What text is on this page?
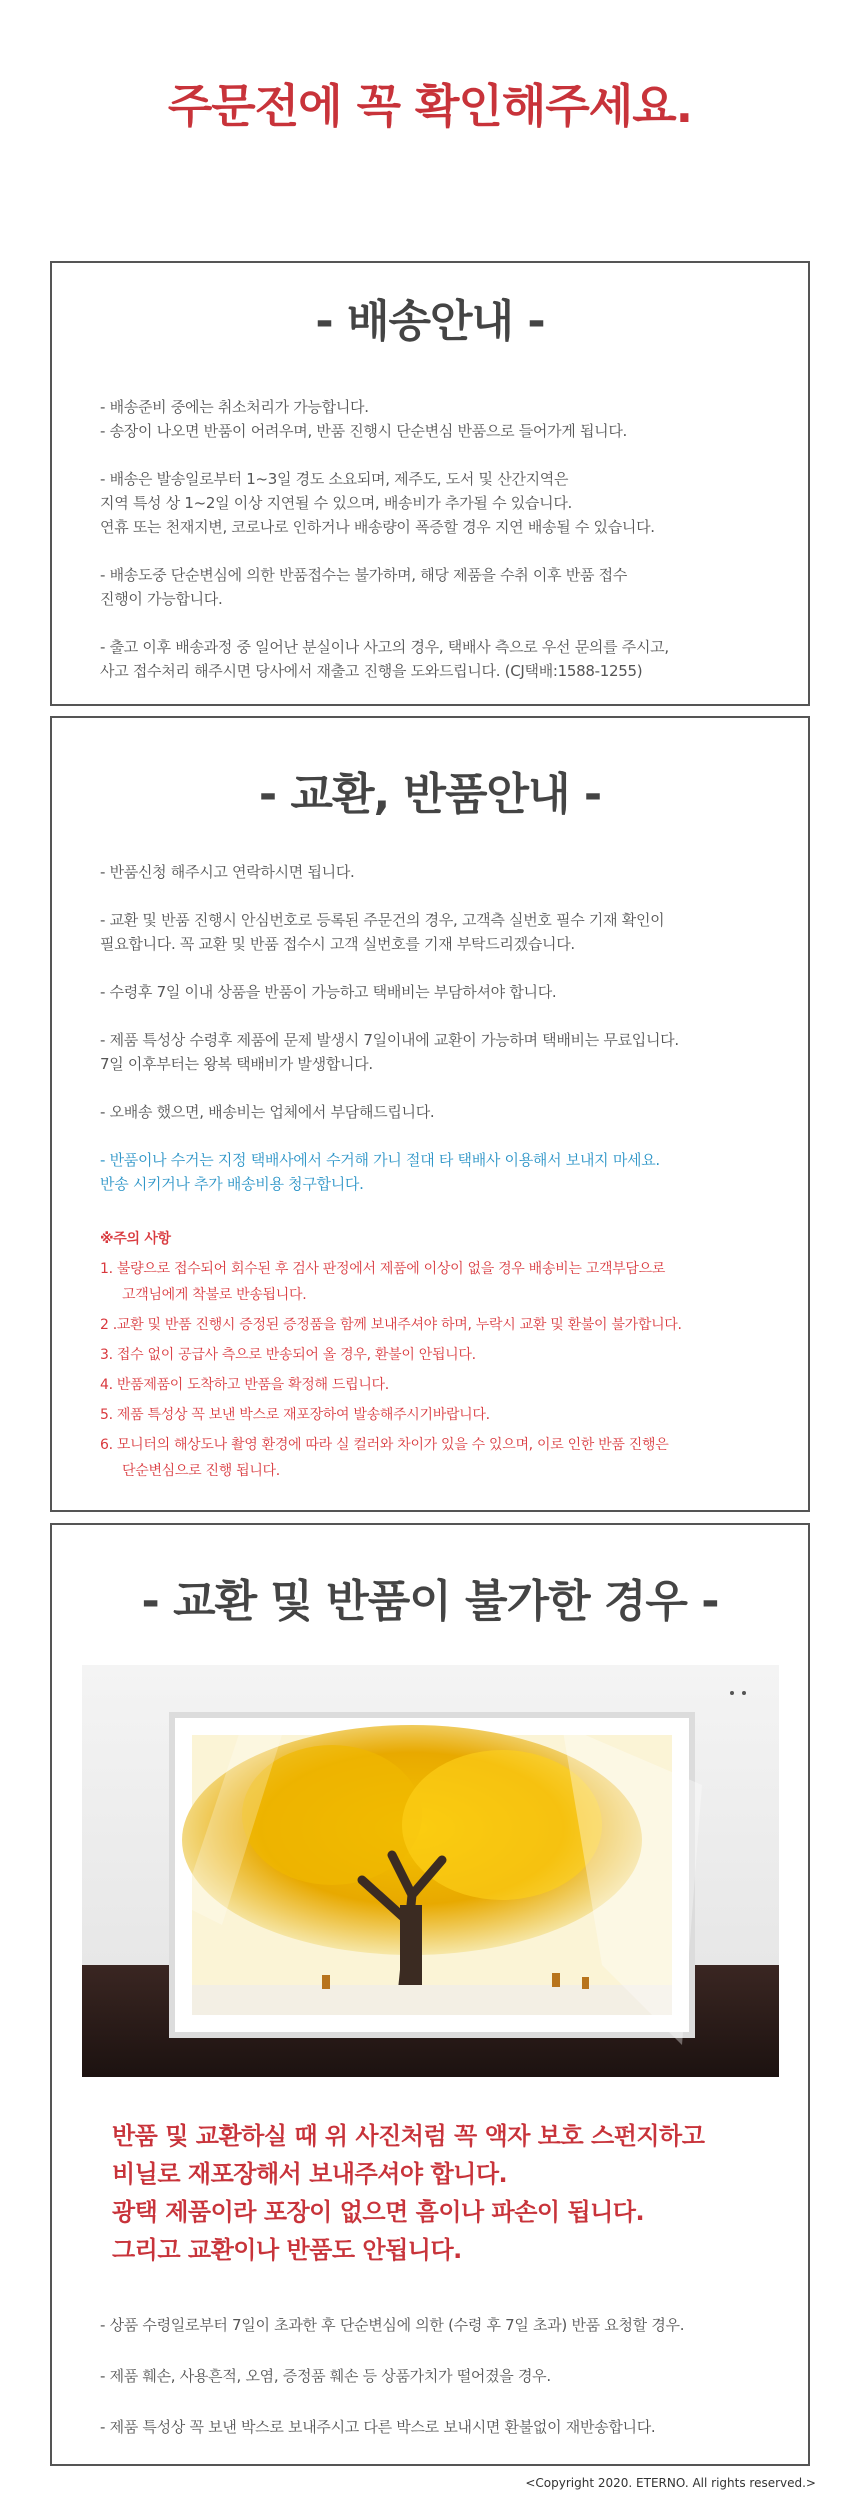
주문전에 꼭 확인해주세요.
- 배송안내 -

- 배송준비 중에는 취소처리가 가능합니다.

- 송장이 나오면 반품이 어려우며, 반품 진행시 단순변심 반품으로 들어가게 됩니다.

- 배송은 발송일로부터 1~3일 경도 소요되며, 제주도, 도서 및 산간지역은

지역 특성 상 1~2일 이상 지연될 수 있으며, 배송비가 추가될 수 있습니다.

연휴 또는 천재지변, 코로나로 인하거나 배송량이 폭증할 경우 지연 배송될 수 있습니다.

- 배송도중 단순변심에 의한 반품접수는 불가하며, 해당 제품을 수취 이후 반품 접수

진행이 가능합니다.

- 출고 이후 배송과정 중 일어난 분실이나 사고의 경우, 택배사 측으로 우선 문의를 주시고,

사고 접수처리 해주시면 당사에서 재출고 진행을 도와드립니다. (CJ택배:1588-1255)

- 교환, 반품안내 -

- 반품신청 해주시고 연락하시면 됩니다.

- 교환 및 반품 진행시 안심번호로 등록된 주문건의 경우, 고객측 실번호 필수 기재 확인이

필요합니다. 꼭 교환 및 반품 접수시 고객 실번호를 기재 부탁드리겠습니다.

- 수령후 7일 이내 상품을 반품이 가능하고 택배비는 부담하셔야 합니다.

- 제품 특성상 수령후 제품에 문제 발생시 7일이내에 교환이 가능하며 택배비는 무료입니다.

7일 이후부터는 왕복 택배비가 발생합니다.

- 오배송 했으면, 배송비는 업체에서 부담해드립니다.

- 반품이나 수거는 지정 택배사에서 수거해 가니 절대 타 택배사 이용해서 보내지 마세요.

반송 시키거나 추가 배송비용 청구합니다.

※주의 사항

1. 불량으로 접수되어 회수된 후 검사 판정에서 제품에 이상이 없을 경우 배송비는 고객부담으로

고객님에게 착불로 반송됩니다.

2 .교환 및 반품 진행시 증정된 증정품을 함께 보내주셔야 하며, 누락시 교환 및 환불이 불가합니다.

3. 접수 없이 공급사 측으로 반송되어 올 경우, 환불이 안됩니다.

4. 반품제품이 도착하고 반품을 확정해 드립니다.

5. 제품 특성상 꼭 보낸 박스로 재포장하여 발송해주시기바랍니다.

6. 모니터의 해상도나 촬영 환경에 따라 실 컬러와 차이가 있을 수 있으며, 이로 인한 반품 진행은

단순변심으로 진행 됩니다.

- 교환 및 반품이 불가한 경우 -

반품 및 교환하실 때 위 사진처럼 꼭 액자 보호 스펀지하고

비닐로 재포장해서 보내주셔야 합니다.

광택 제품이라 포장이 없으면 흠이나 파손이 됩니다.

그리고 교환이나 반품도 안됩니다.

- 상품 수령일로부터 7일이 초과한 후 단순변심에 의한 (수령 후 7일 초과) 반품 요청할 경우.

- 제품 훼손, 사용흔적, 오염, 증정품 훼손 등 상품가치가 떨어졌을 경우.

- 제품 특성상 꼭 보낸 박스로 보내주시고 다른 박스로 보내시면 환불없이 재반송합니다.

<Copyright 2020. ETERNO. All rights reserved.>
